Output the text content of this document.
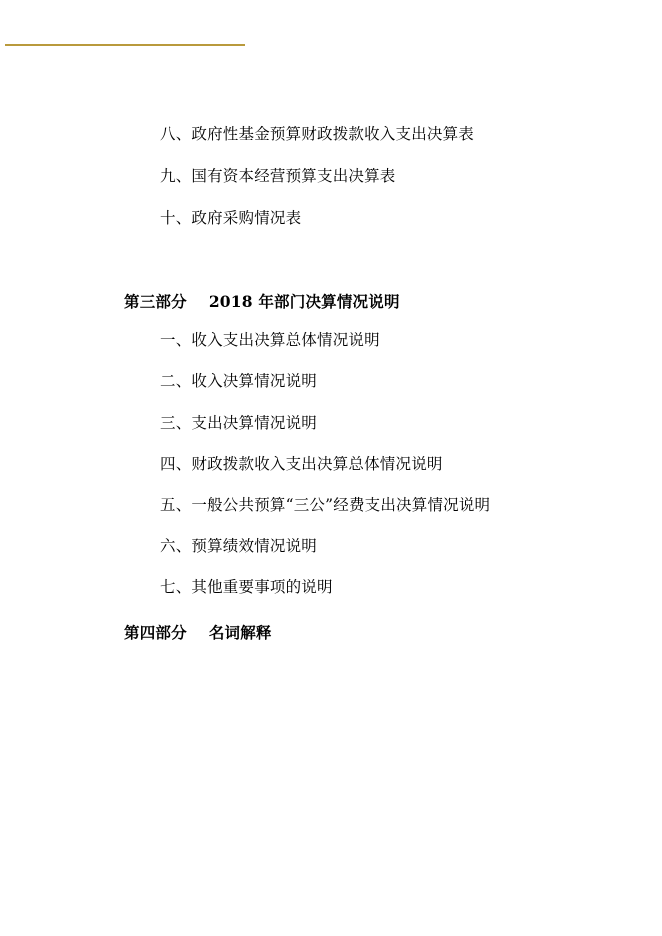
八、政府性基金预算财政拨款收入支出决算表
九、国有资本经营预算支出决算表
十、政府采购情况表
第三部分 2018 年部门决算情况说明
一、收入支出决算总体情况说明
二、收入决算情况说明
三、支出决算情况说明
四、财政拨款收入支出决算总体情况说明
五、一般公共预算“三公”经费支出决算情况说明
六、预算绩效情况说明
七、其他重要事项的说明
第四部分 名词解释
